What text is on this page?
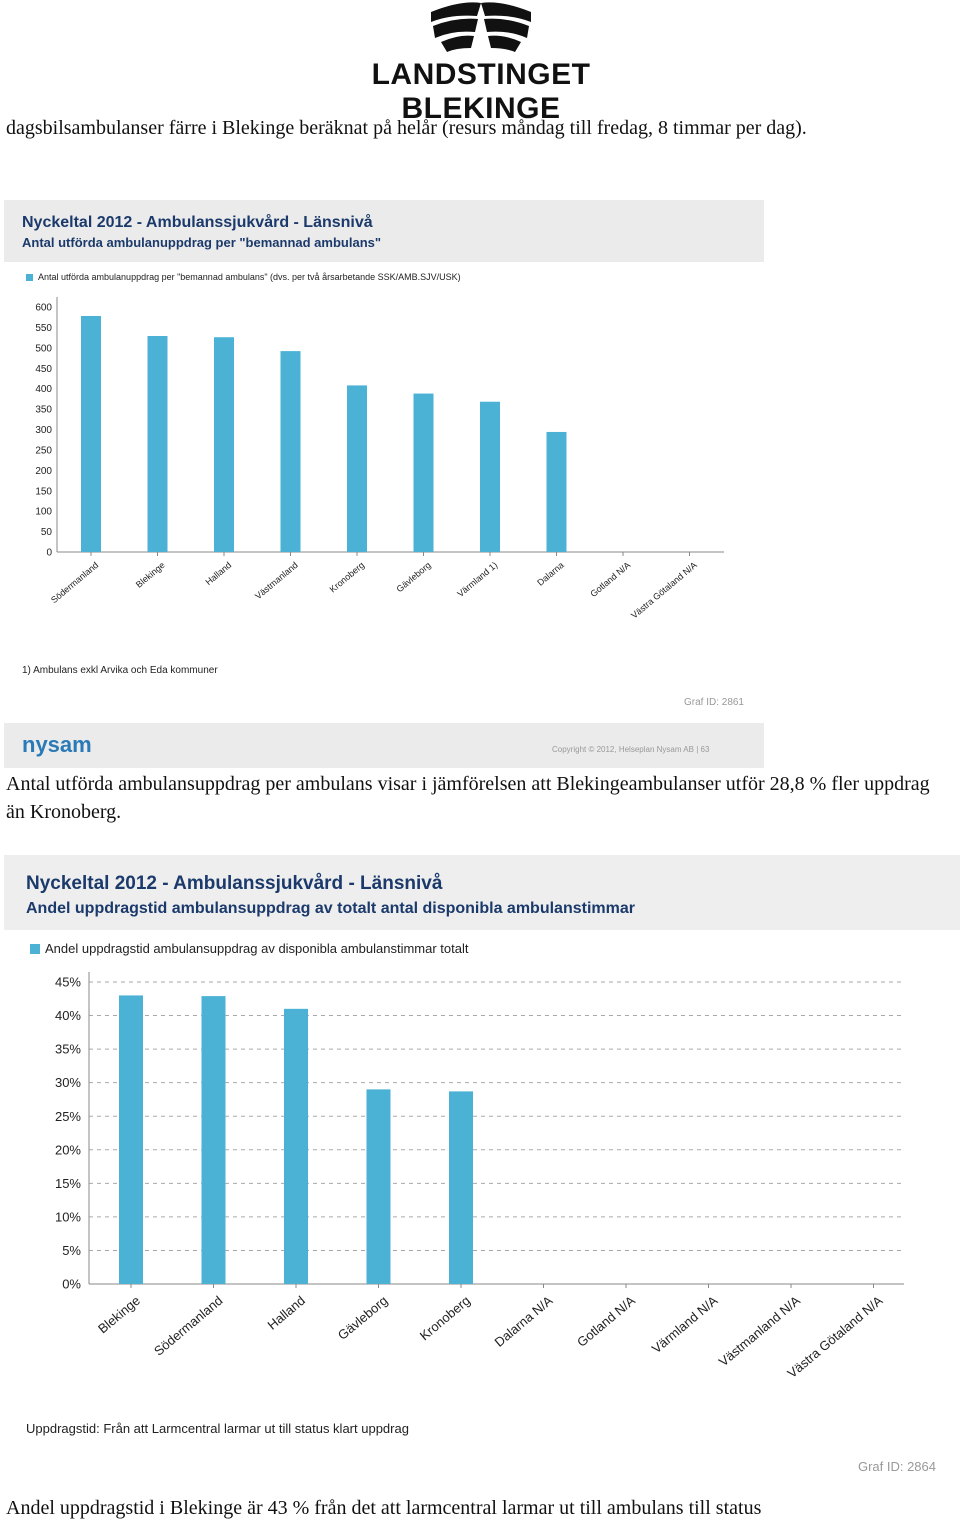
LANDSTINGET BLEKINGE

dagsbilsambulanser färre i Blekinge beräknat på helår (resurs måndag till fredag, 8 timmar per dag).

Nyckeltal 2012 - Ambulanssjukvård - Länsnivå
Antal utförda ambulanuppdrag per "bemannad ambulans"
Antal utförda ambulanuppdrag per "bemannad ambulans" (dvs. per två årsarbetande SSK/AMB.SJV/USK)
0
50
100
150
200
250
300
350
400
450
500
550
600
Södermanland	Blekinge	Halland Västmanland	Kronoberg	Gävleborg	Värmland 1)	Dalarna	Gotland N/A
Västra Götaland N/A
1) Ambulans exkl Arvika och Eda kommuner
Graf ID: 2861
nysam	Copyright © 2012, Helseplan Nysam AB | 63

Antal utförda ambulansuppdrag per ambulans visar i jämförelsen att Blekingeambulanser utför 28,8 % fler uppdrag än Kronoberg.

Nyckeltal 2012 - Ambulanssjukvård - Länsnivå
Andel uppdragstid ambulansuppdrag av totalt antal disponibla ambulanstimmar
Andel uppdragstid ambulansuppdrag av disponibla ambulanstimmar totalt
0%
5%
10%
15%
20%
25%
30%
35%
40%
45%
Blekinge Södermanland	Halland Gävleborg Kronoberg Dalarna N/A Gotland N/A Värmland N/A
Västmanland N/A
Västra Götaland N/A
Uppdragstid: Från att Larmcentral larmar ut till status klart uppdrag
Graf ID: 2864

Andel uppdragstid i Blekinge är 43 % från det att larmcentral larmar ut till ambulans till status
